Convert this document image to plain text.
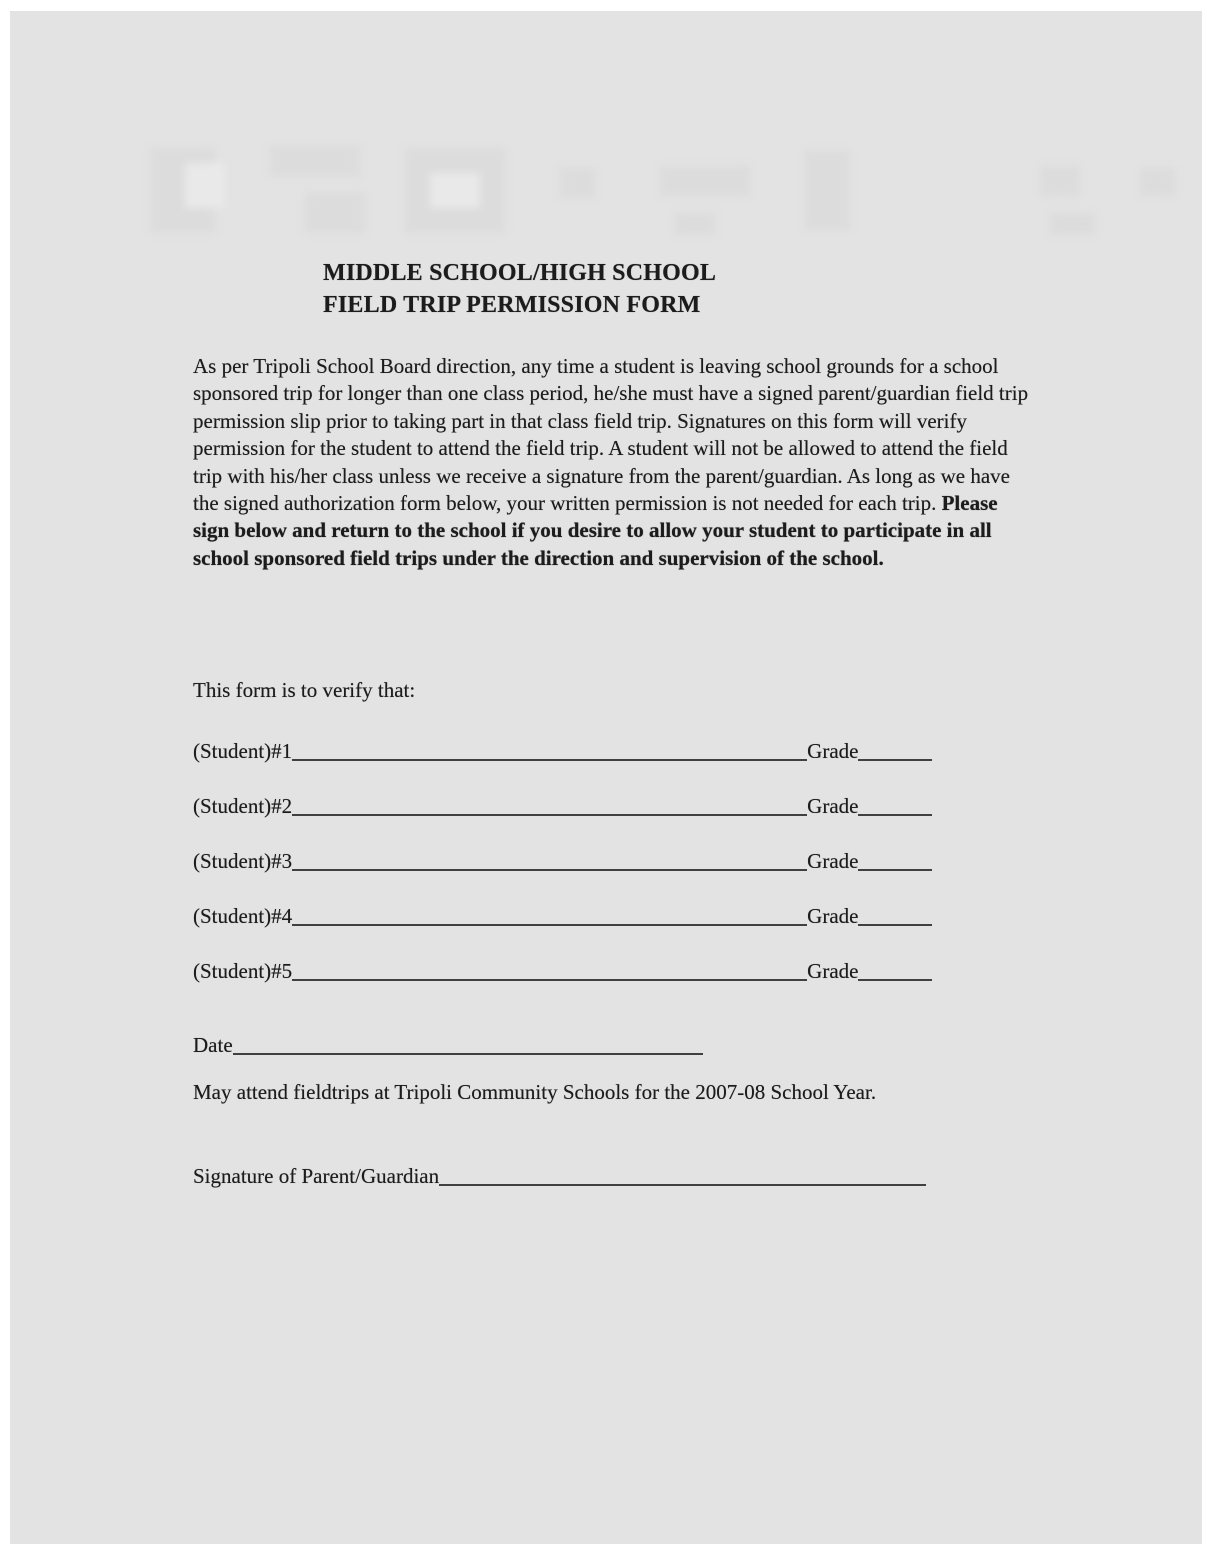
MIDDLE SCHOOL/HIGH SCHOOL
FIELD TRIP PERMISSION FORM
As per Tripoli School Board direction, any time a student is leaving school grounds for a school sponsored trip for longer than one class period, he/she must have a signed parent/guardian field trip permission slip prior to taking part in that class field trip. Signatures on this form will verify permission for the student to attend the field trip. A student will not be allowed to attend the field trip with his/her class unless we receive a signature from the parent/guardian. As long as we have the signed authorization form below, your written permission is not needed for each trip. Please sign below and return to the school if you desire to allow your student to participate in all school sponsored field trips under the direction and supervision of the school.
This form is to verify that:
(Student)#1	Grade
(Student)#2	Grade
(Student)#3	Grade
(Student)#4	Grade
(Student)#5	Grade
Date
May attend fieldtrips at Tripoli Community Schools for the 2007-08 School Year.
Signature of Parent/Guardian
